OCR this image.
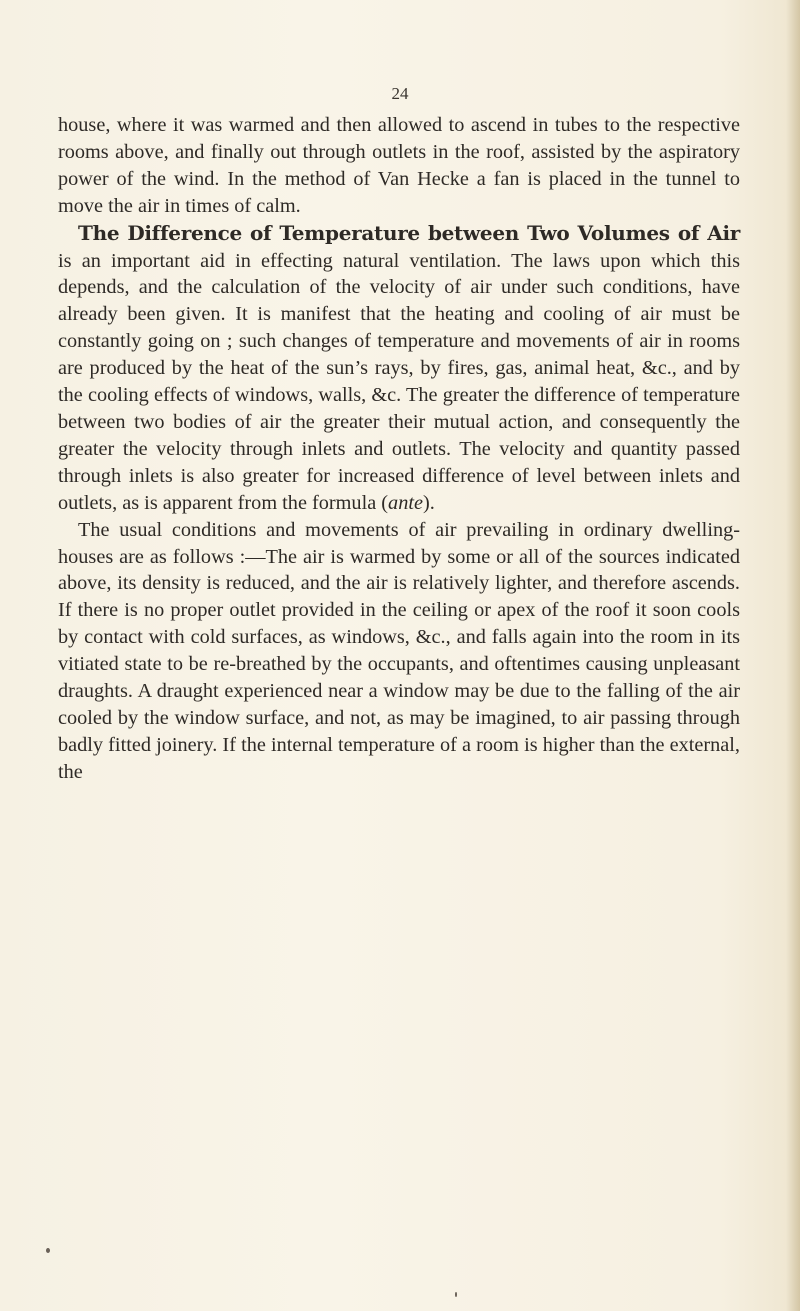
24

house, where it was warmed and then allowed to ascend in tubes to the respective rooms above, and finally out through outlets in the roof, assisted by the aspiratory power of the wind. In the method of Van Hecke a fan is placed in the tunnel to move the air in times of calm.

The Difference of Temperature between Two Volumes of Air is an important aid in effecting natural ventilation. The laws upon which this depends, and the calculation of the velocity of air under such conditions, have already been given. It is manifest that the heating and cooling of air must be constantly going on ; such changes of temperature and movements of air in rooms are produced by the heat of the sun’s rays, by fires, gas, animal heat, &c., and by the cooling effects of windows, walls, &c. The greater the difference of temperature between two bodies of air the greater their mutual action, and consequently the greater the velocity through inlets and outlets. The velocity and quantity passed through inlets is also greater for increased difference of level between inlets and outlets, as is apparent from the formula (ante).

The usual conditions and movements of air prevailing in ordinary dwelling-houses are as follows :—The air is warmed by some or all of the sources indicated above, its density is reduced, and the air is relatively lighter, and therefore ascends. If there is no proper outlet provided in the ceiling or apex of the roof it soon cools by contact with cold surfaces, as windows, &c., and falls again into the room in its vitiated state to be re-breathed by the occupants, and oftentimes causing unpleasant draughts. A draught experienced near a window may be due to the falling of the air cooled by the window surface, and not, as may be imagined, to air passing through badly fitted joinery. If the internal temperature of a room is higher than the external, the
